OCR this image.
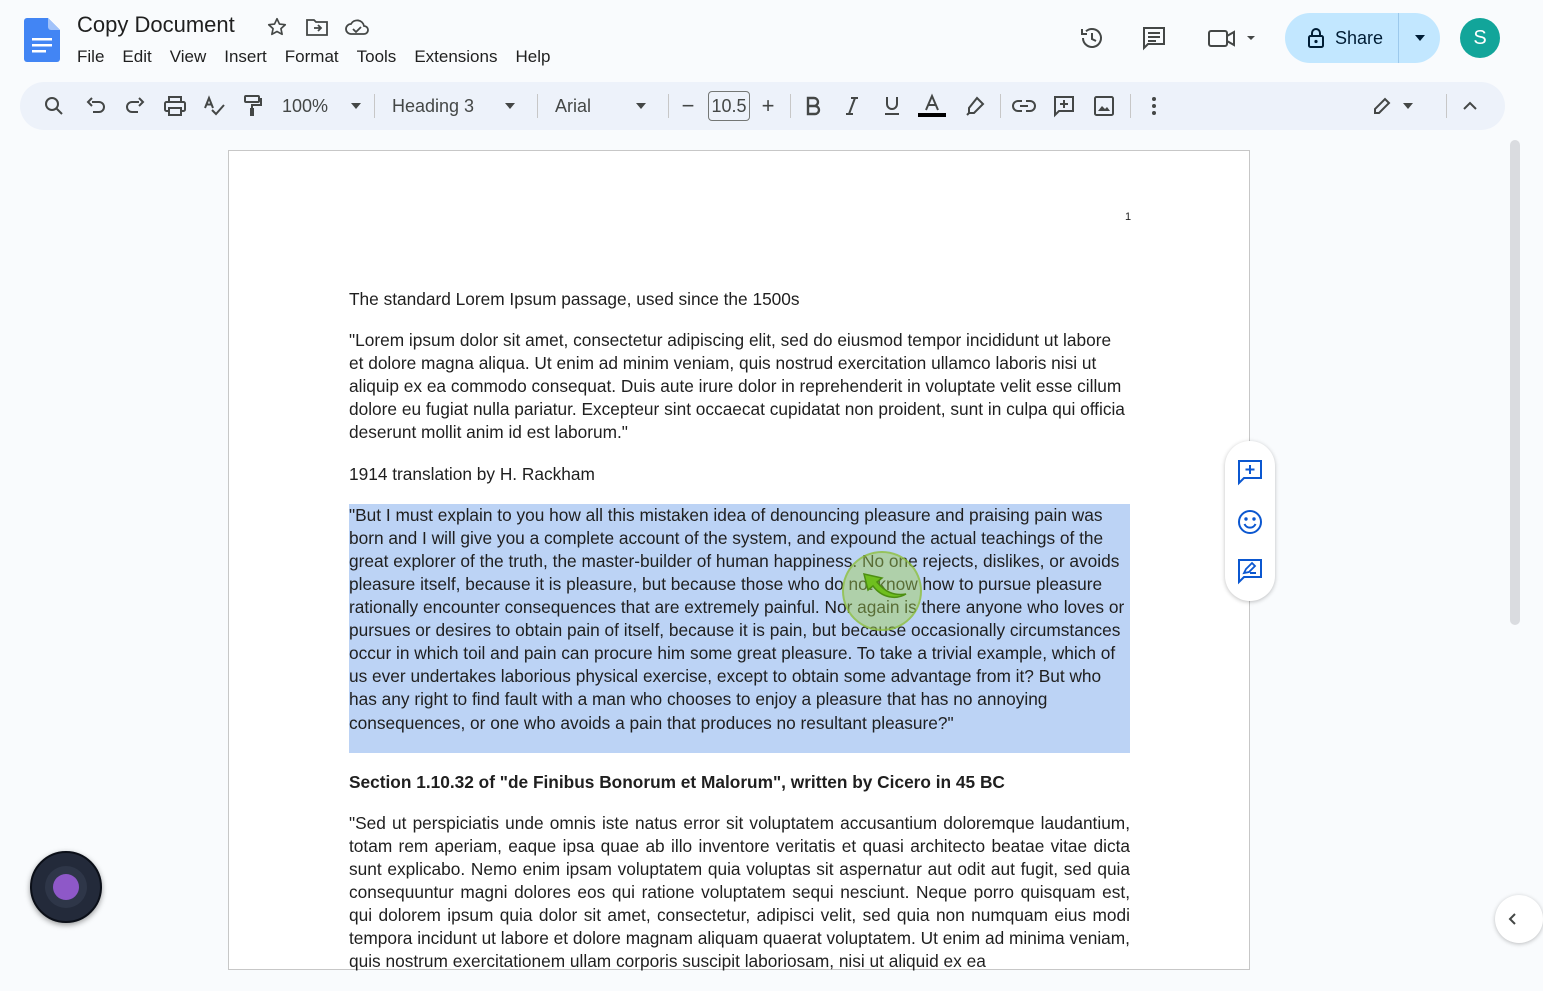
Copy Document
File	Edit	View	Insert	Format	Tools	Extensions	Help
Share	S
100%	Heading 3	Arial	− 10.5 +
1

The standard Lorem Ipsum passage, used since the 1500s

"Lorem ipsum dolor sit amet, consectetur adipiscing elit, sed do eiusmod tempor incididunt ut labore et dolore magna aliqua. Ut enim ad minim veniam, quis nostrud exercitation ullamco laboris nisi ut aliquip ex ea commodo consequat. Duis aute irure dolor in reprehenderit in voluptate velit esse cillum dolore eu fugiat nulla pariatur. Excepteur sint occaecat cupidatat non proident, sunt in culpa qui officia deserunt mollit anim id est laborum."

1914 translation by H. Rackham

"But I must explain to you how all this mistaken idea of denouncing pleasure and praising pain was born and I will give you a complete account of the system, and expound the actual teachings of the great explorer of the truth, the master-builder of human happiness. No one rejects, dislikes, or avoids pleasure itself, because it is pleasure, but because those who do not know how to pursue pleasure rationally encounter consequences that are extremely painful. Nor again is there anyone who loves or pursues or desires to obtain pain of itself, because it is pain, but because occasionally circumstances occur in which toil and pain can procure him some great pleasure. To take a trivial example, which of us ever undertakes laborious physical exercise, except to obtain some advantage from it? But who has any right to find fault with a man who chooses to enjoy a pleasure that has no annoying consequences, or one who avoids a pain that produces no resultant pleasure?"

Section 1.10.32 of "de Finibus Bonorum et Malorum", written by Cicero in 45 BC

"Sed ut perspiciatis unde omnis iste natus error sit voluptatem accusantium doloremque laudantium, totam rem aperiam, eaque ipsa quae ab illo inventore veritatis et quasi architecto beatae vitae dicta sunt explicabo. Nemo enim ipsam voluptatem quia voluptas sit aspernatur aut odit aut fugit, sed quia consequuntur magni dolores eos qui ratione voluptatem sequi nesciunt. Neque porro quisquam est, qui dolorem ipsum quia dolor sit amet, consectetur, adipisci velit, sed quia non numquam eius modi tempora incidunt ut labore et dolore magnam aliquam quaerat voluptatem. Ut enim ad minima veniam, quis nostrum exercitationem ullam corporis suscipit laboriosam, nisi ut aliquid ex ea
